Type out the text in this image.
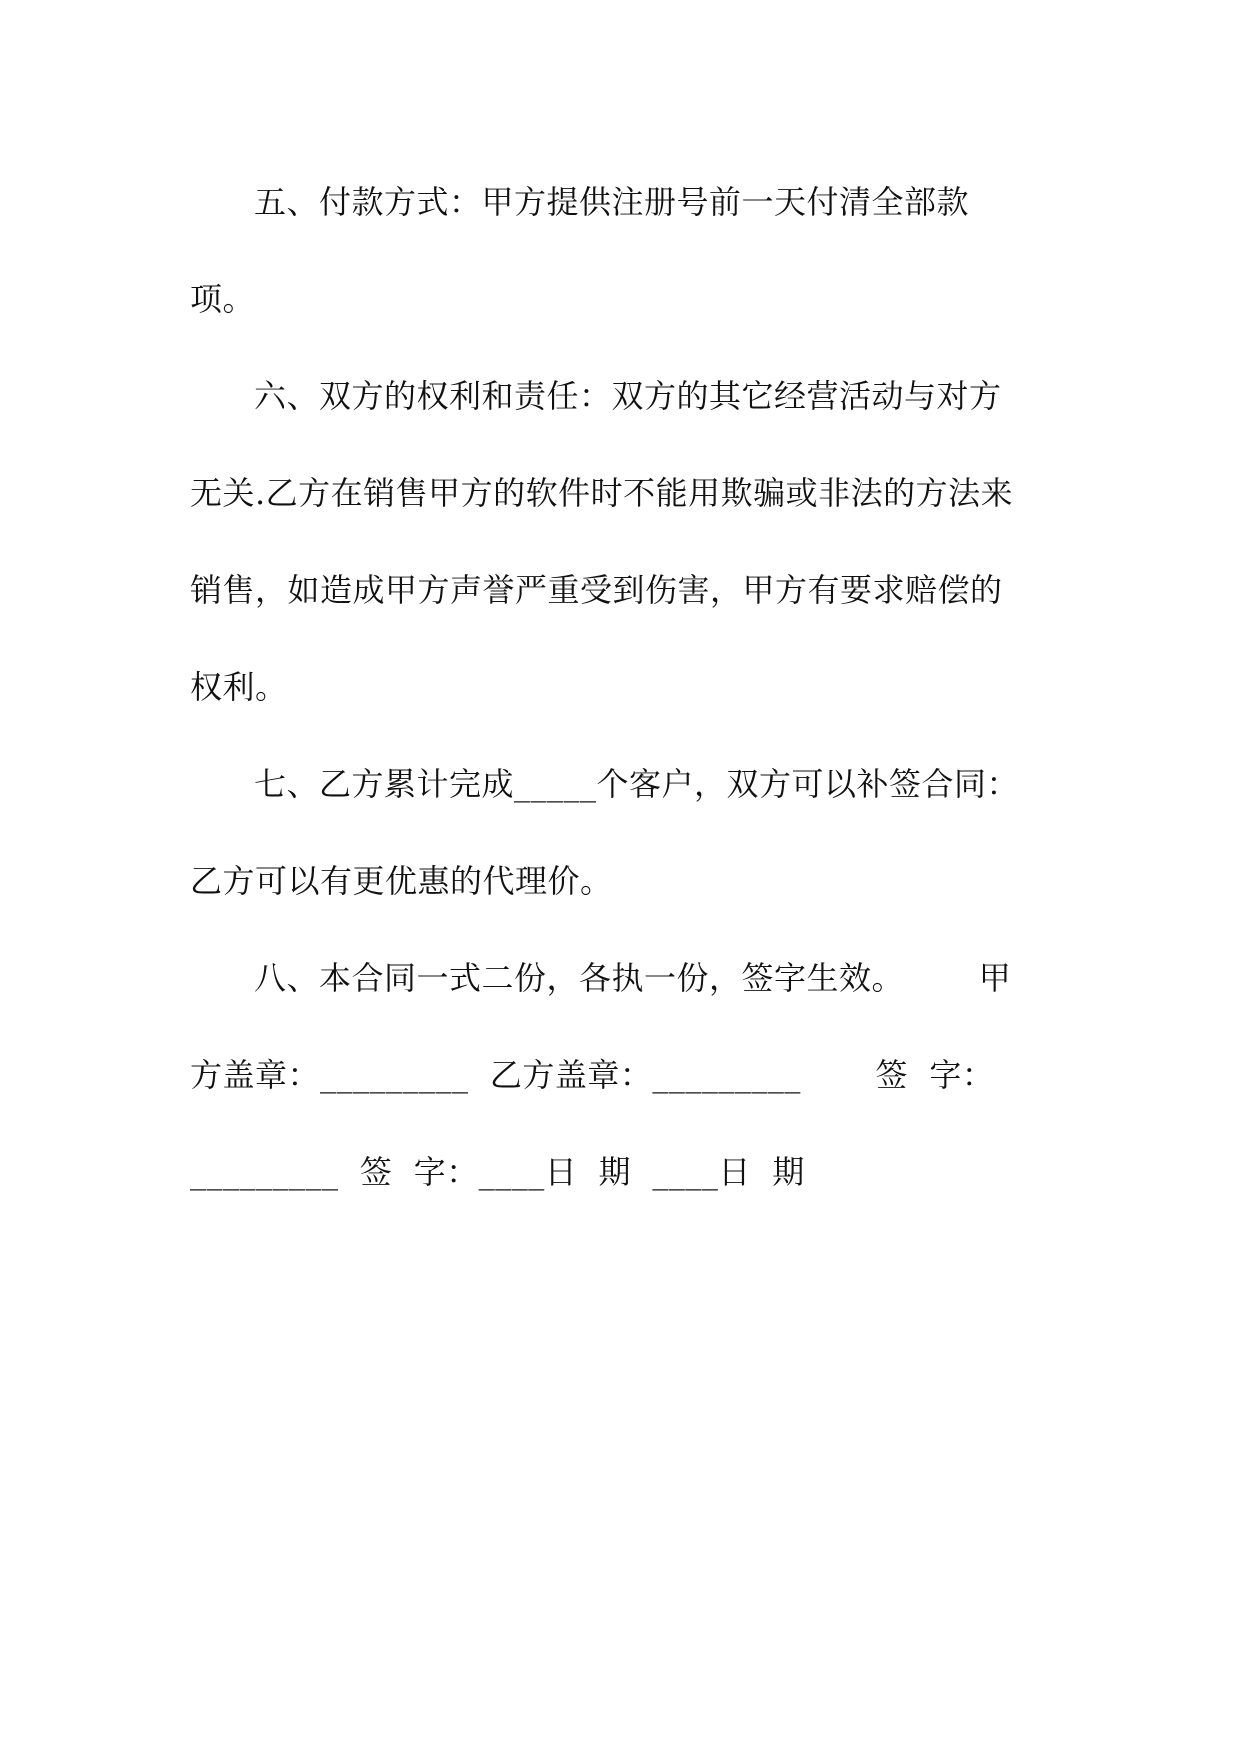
五、付款方式：甲方提供注册号前一天付清全部款
项。
六、双方的权利和责任：双方的其它经营活动与对方
无关.乙方在销售甲方的软件时不能用欺骗或非法的方法来
销售，如造成甲方声誉严重受到伤害，甲方有要求赔偿的
权利。
七、乙方累计完成_____个客户，双方可以补签合同：
乙方可以有更优惠的代理价。
八、本合同一式二份，各执一份，签字生效。       甲
方盖章：_________  乙方盖章：_________       签  字：
_________  签  字：____日  期  ____日  期
